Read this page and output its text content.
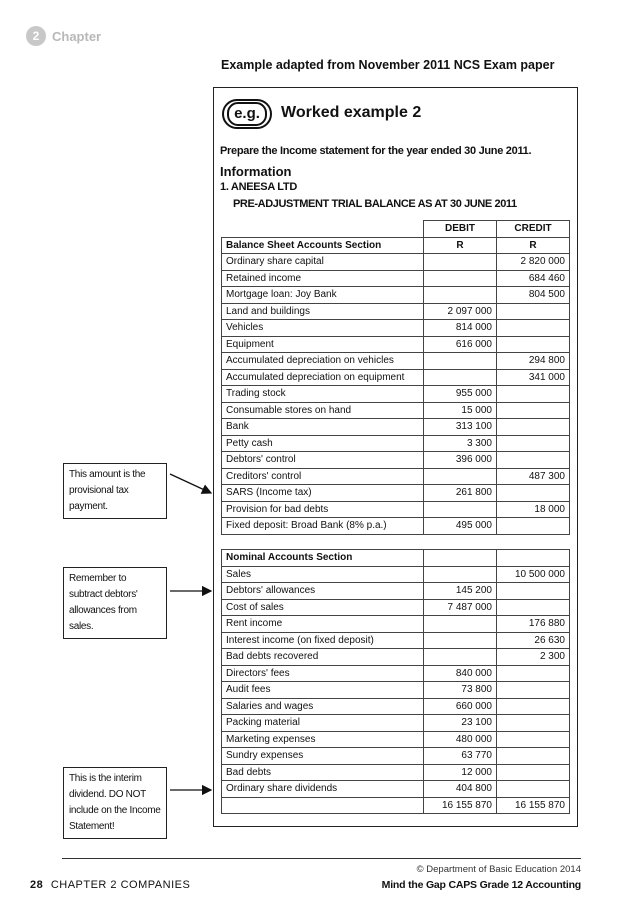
2 Chapter
Example adapted from November 2011 NCS Exam paper
e.g.	Worked example 2
Prepare the Income statement for the year ended 30 June 2011.
Information
1. ANEESA LTD
PRE-ADJUSTMENT TRIAL BALANCE AS AT 30 JUNE 2011
	DEBIT	CREDIT
Balance Sheet Accounts Section	R	R
Ordinary share capital		2 820 000
Retained income		684 460
Mortgage loan: Joy Bank		804 500
Land and buildings	2 097 000	
Vehicles	814 000	
Equipment	616 000	
Accumulated depreciation on vehicles		294 800
Accumulated depreciation on equipment		341 000
Trading stock	955 000	
Consumable stores on hand	15 000	
Bank	313 100	
Petty cash	3 300	
Debtors' control	396 000	
Creditors' control		487 300
SARS (Income tax)	261 800	
Provision for bad debts		18 000
Fixed deposit: Broad Bank (8% p.a.)	495 000	
Nominal Accounts Section		
Sales		10 500 000
Debtors' allowances	145 200	
Cost of sales	7 487 000	
Rent income		176 880
Interest income (on fixed deposit)		26 630
Bad debts recovered		2 300
Directors' fees	840 000	
Audit fees	73 800	
Salaries and wages	660 000	
Packing material	23 100	
Marketing expenses	480 000	
Sundry expenses	63 770	
Bad debts	12 000	
Ordinary share dividends	404 800	
	16 155 870	16 155 870
This amount is the provisional tax payment.
Remember to subtract debtors' allowances from sales.
This is the interim dividend. DO NOT include on the Income Statement!
© Department of Basic Education 2014
28 CHAPTER 2 COMPANIES	Mind the Gap CAPS Grade 12 Accounting
